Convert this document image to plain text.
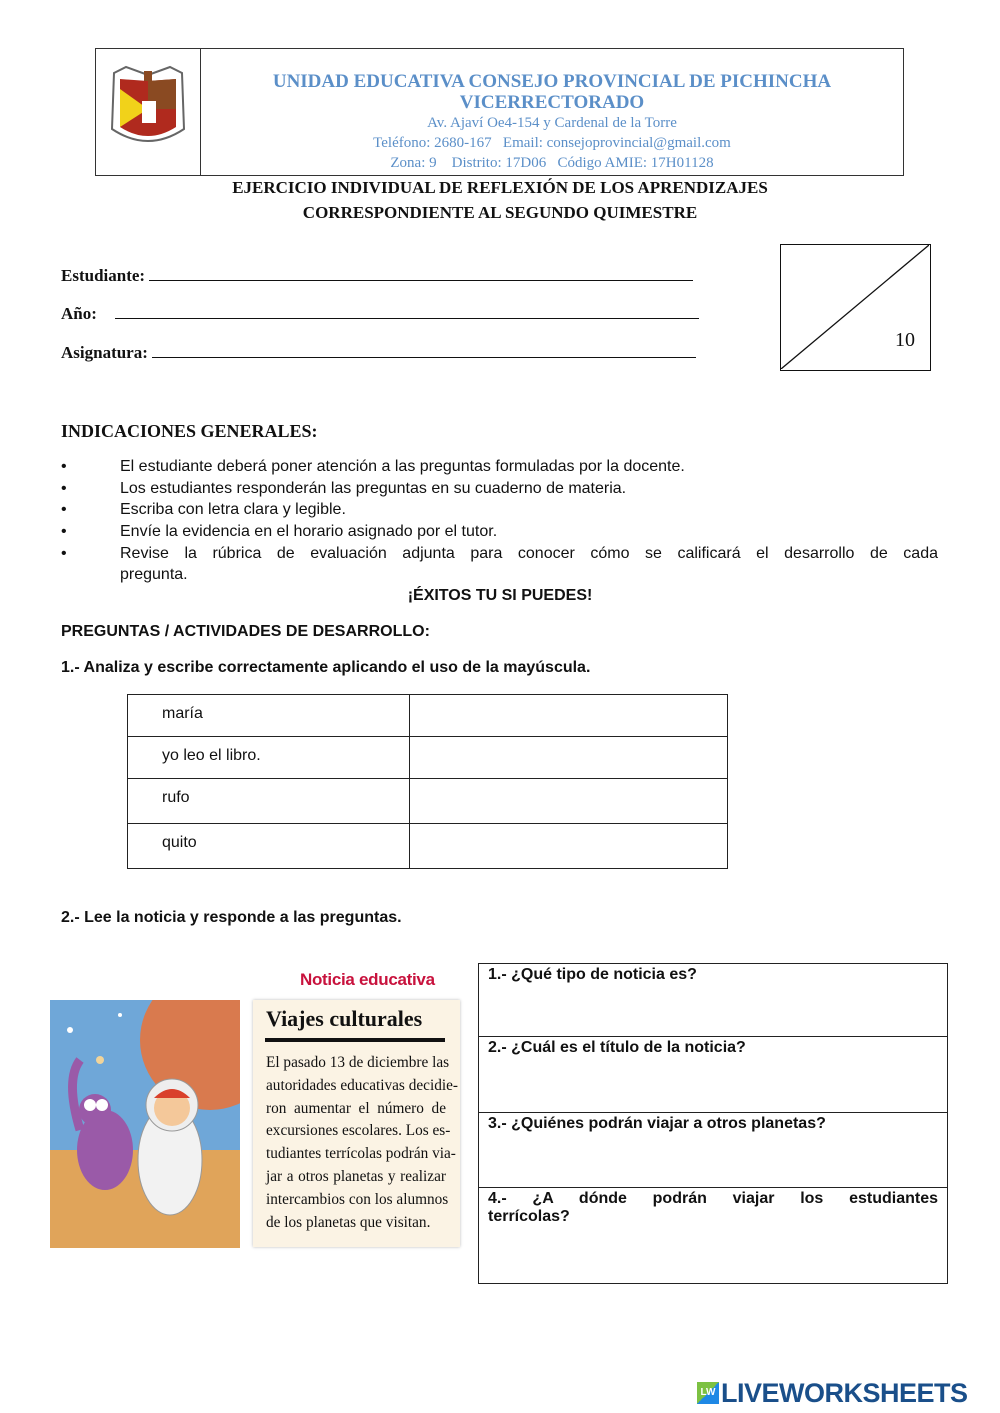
UNIDAD EDUCATIVA CONSEJO PROVINCIAL DE PICHINCHA
VICERRECTORADO
Av. Ajaví Oe4-154 y Cardenal de la Torre
Teléfono: 2680-167   Email: consejoprovincial@gmail.com
Zona: 9    Distrito: 17D06   Código AMIE: 17H01128
EJERCICIO INDIVIDUAL DE REFLEXIÓN DE LOS APRENDIZAJES
CORRESPONDIENTE AL SEGUNDO QUIMESTRE
Estudiante:
Año:
Asignatura:
10
INDICACIONES GENERALES:
•	El estudiante deberá poner atención a las preguntas formuladas por la docente.
•	Los estudiantes responderán las preguntas en su cuaderno de materia.
•	Escriba con letra clara y legible.
•	Envíe la evidencia en el horario asignado por el tutor.
•	Revise la rúbrica de evaluación adjunta para conocer cómo se calificará el desarrollo de cada
pregunta.
¡ÉXITOS TU SI PUEDES!
PREGUNTAS / ACTIVIDADES DE DESARROLLO:
1.- Analiza y escribe correctamente aplicando el uso de la mayúscula.
maría	
yo leo el libro.	
rufo	
quito	
2.- Lee la noticia y responde a las preguntas.
Noticia educativa
Viajes culturales
El pasado 13 de diciembre las
autoridades educativas decidie-
ron aumentar el número de
excursiones escolares. Los es-
tudiantes terrícolas podrán via-
jar a otros planetas y realizar
intercambios con los alumnos
de los planetas que visitan.
1.- ¿Qué tipo de noticia es?
2.- ¿Cuál es el título de la noticia?
3.- ¿Quiénes podrán viajar a otros planetas?
4.- ¿A dónde podrán viajar los estudiantes terrícolas?
LW LIVEWORKSHEETS
